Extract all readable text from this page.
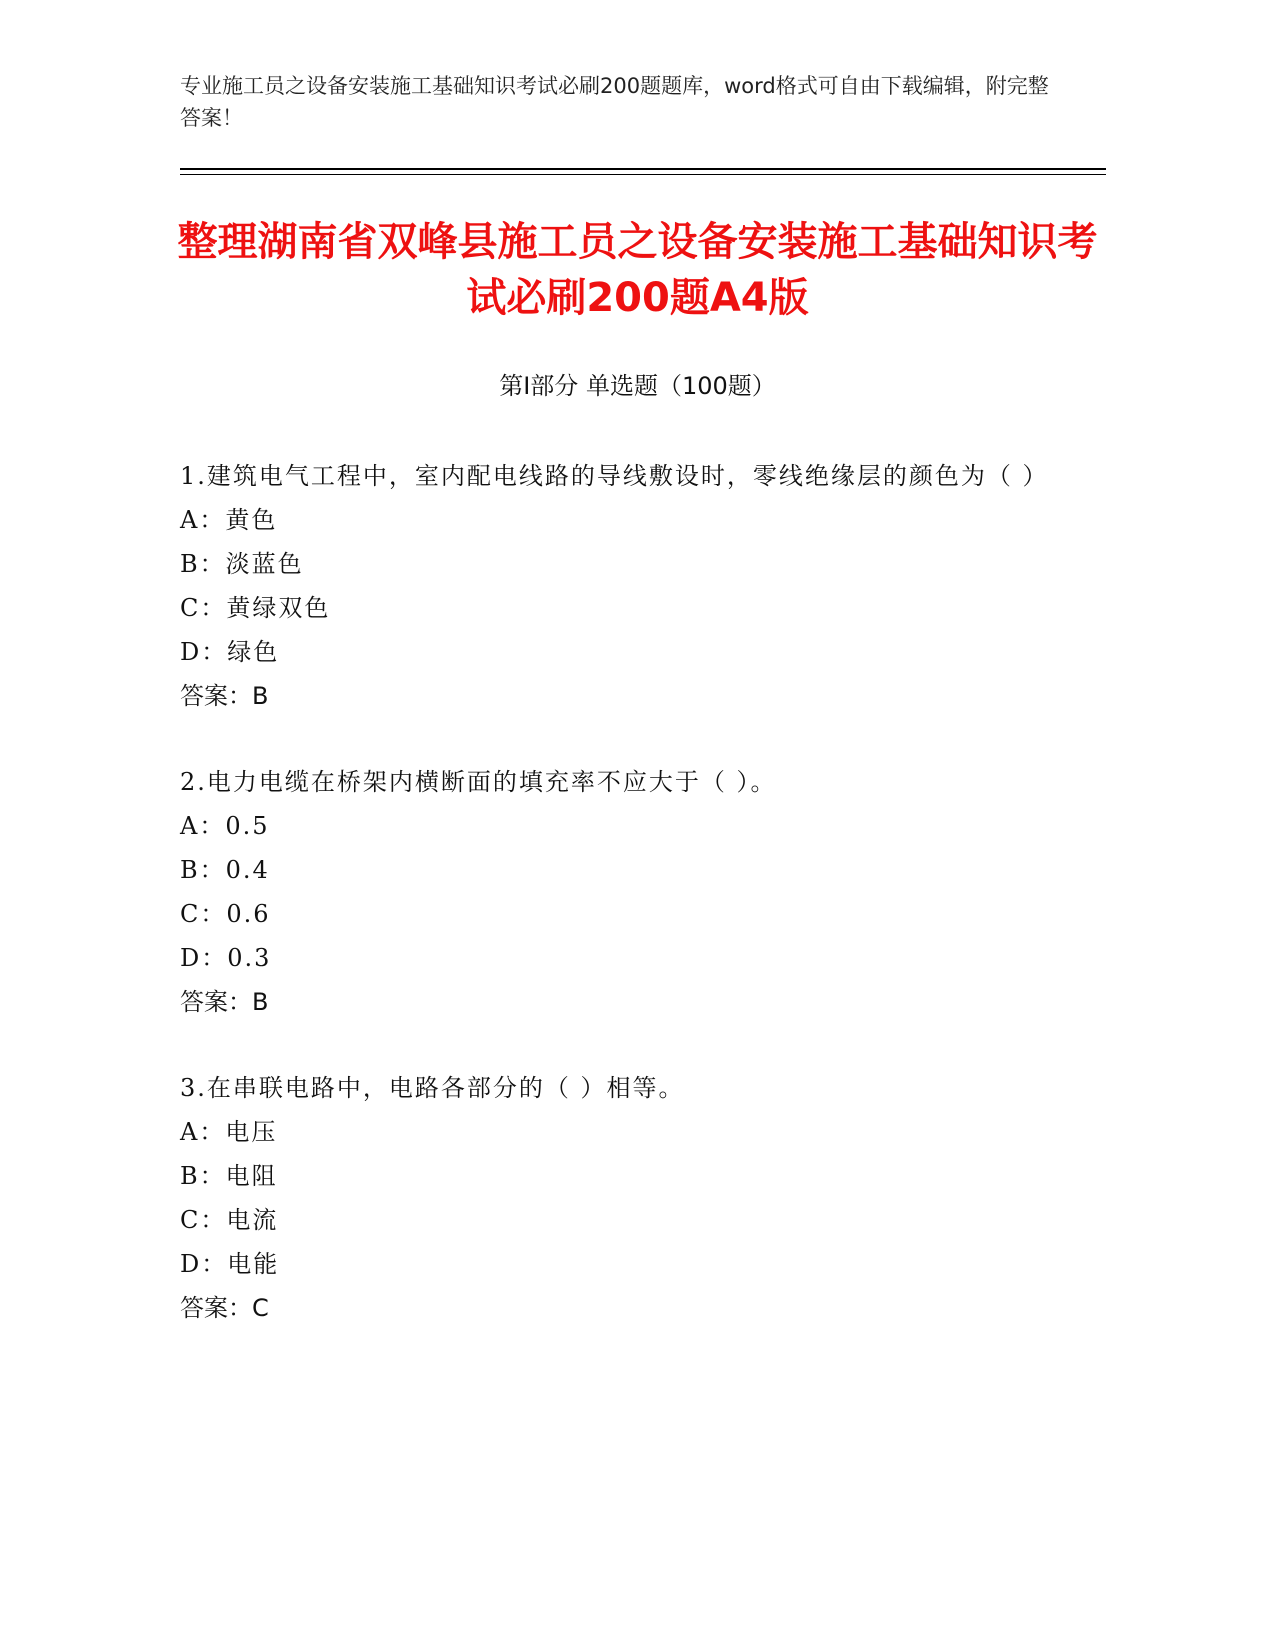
专业施工员之设备安装施工基础知识考试必刷200题题库，word格式可自由下载编辑，附完整答案！
整理湖南省双峰县施工员之设备安装施工基础知识考试必刷200题A4版
第Ⅰ部分 单选题（100题）

1.建筑电气工程中，室内配电线路的导线敷设时，零线绝缘层的颜色为（ ）

A：黄色

B：淡蓝色

C：黄绿双色

D：绿色

答案：B

2.电力电缆在桥架内横断面的填充率不应大于（ ）。

A：0.5

B：0.4

C：0.6

D：0.3

答案：B

3.在串联电路中，电路各部分的（ ）相等。

A：电压

B：电阻

C：电流

D：电能

答案：C
